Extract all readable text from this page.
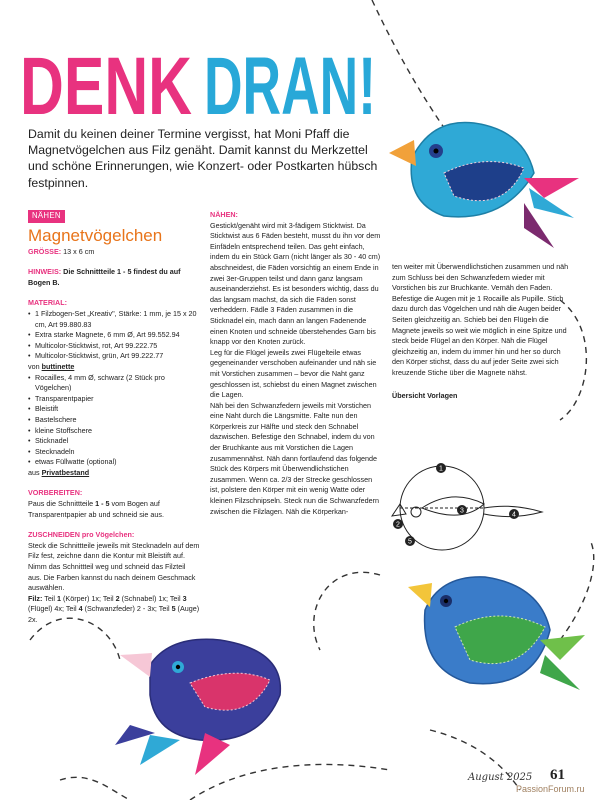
DENK DRAN!

Damit du keinen deiner Termine vergisst, hat Moni Pfaff die Magnetvögelchen aus Filz genäht. Damit kannst du Merkzettel und schöne Erinnerungen, wie Konzert- oder Postkarten hübsch festpinnen.

NÄHEN
Magnetvögelchen
GRÖSSE: 13 x 6 cm
HINWEIS: Die Schnittteile 1 - 5 findest du auf Bogen B.
MATERIAL:
• 1 Filzbogen-Set „Kreativ", Stärke: 1 mm, je 15 x 20 cm, Art 99.880.83
• Extra starke Magnete, 6 mm Ø, Art 99.552.94
• Multicolor-Sticktwist, rot, Art 99.222.75
• Multicolor-Sticktwist, grün, Art 99.222.77
von buttinette
• Rocailles, 4 mm Ø, schwarz (2 Stück pro Vögelchen)
• Transparentpapier
• Bleistift
• Bastelschere
• kleine Stoffschere
• Sticknadel
• Stecknadeln
• etwas Füllwatte (optional)
aus Privatbestand
VORBEREITEN:
Paus die Schnittteile 1 - 5 vom Bogen auf Transparentpapier ab und schneid sie aus.
ZUSCHNEIDEN pro Vögelchen:
Steck die Schnittteile jeweils mit Stecknadeln auf dem Filz fest, zeichne dann die Kontur mit Bleistift auf. Nimm das Schnittteil weg und schneid das Filzteil aus. Die Farben kannst du nach deinem Geschmack auswählen.
Filz: Teil 1 (Körper) 1x; Teil 2 (Schnabel) 1x; Teil 3 (Flügel) 4x; Teil 4 (Schwanzfeder) 2 - 3x; Teil 5 (Auge) 2x.
NÄHEN:
Gestickt/genäht wird mit 3-fädigem Sticktwist. Da Sticktwist aus 6 Fäden besteht, musst du ihn vor dem Einfädeln entsprechend teilen. Das geht einfach, indem du ein Stück Garn (nicht länger als 30 - 40 cm) abschneidest, die Fäden vorsichtig an einem Ende in zwei 3er-Gruppen teilst und dann ganz langsam auseinanderziehst. Es ist besonders wichtig, dass du das langsam machst, da sich die Fäden sonst verheddern. Fädle 3 Fäden zusammen in die Sticknadel ein, mach dann an langen Fadenende einen Knoten und schneide überstehendes Garn bis knapp vor den Knoten zurück.
Leg für die Flügel jeweils zwei Flügelteile etwas gegeneinander verschoben aufeinander und näh sie mit Vorstichen zusammen – bevor die Naht ganz geschlossen ist, schiebst du einen Magnet zwischen die Lagen.
Näh bei den Schwanzfedern jeweils mit Vorstichen eine Naht durch die Längsmitte. Falte nun den Körperkreis zur Hälfte und steck den Schnabel dazwischen. Befestige den Schnabel, indem du von der Bruchkante aus mit Vorstichen die Lagen zusammennähst. Näh dann fortlaufend das folgende Stück des Körpers mit Überwendlichstichen zusammen. Wenn ca. 2/3 der Strecke geschlossen ist, polstere den Körper mit ein wenig Watte oder kleinen Filzschnipseln. Steck nun die Schwanzfedern zwischen die Filzlagen. Näh die Körperkan-
ten weiter mit Überwendlichstichen zusammen und näh zum Schluss bei den Schwanzfedern wieder mit Vorstichen bis zur Bruchkante. Vernäh den Faden. Befestige die Augen mit je 1 Rocaille als Pupille. Stich dazu durch das Vögelchen und näh die Augen beider Seiten gleichzeitig an. Schieb bei den Flügeln die Magnete jeweils so weit wie möglich in eine Spitze und steck beide Flügel an den Körper. Näh die Flügel gleichzeitig an, indem du immer hin und her so durch den Körper stichst, dass du auf jeder Seite zwei sich kreuzende Stiche über die Magnete nähst.
Übersicht Vorlagen
1
2
3
4
5
August 2025 61
PassionForum.ru
